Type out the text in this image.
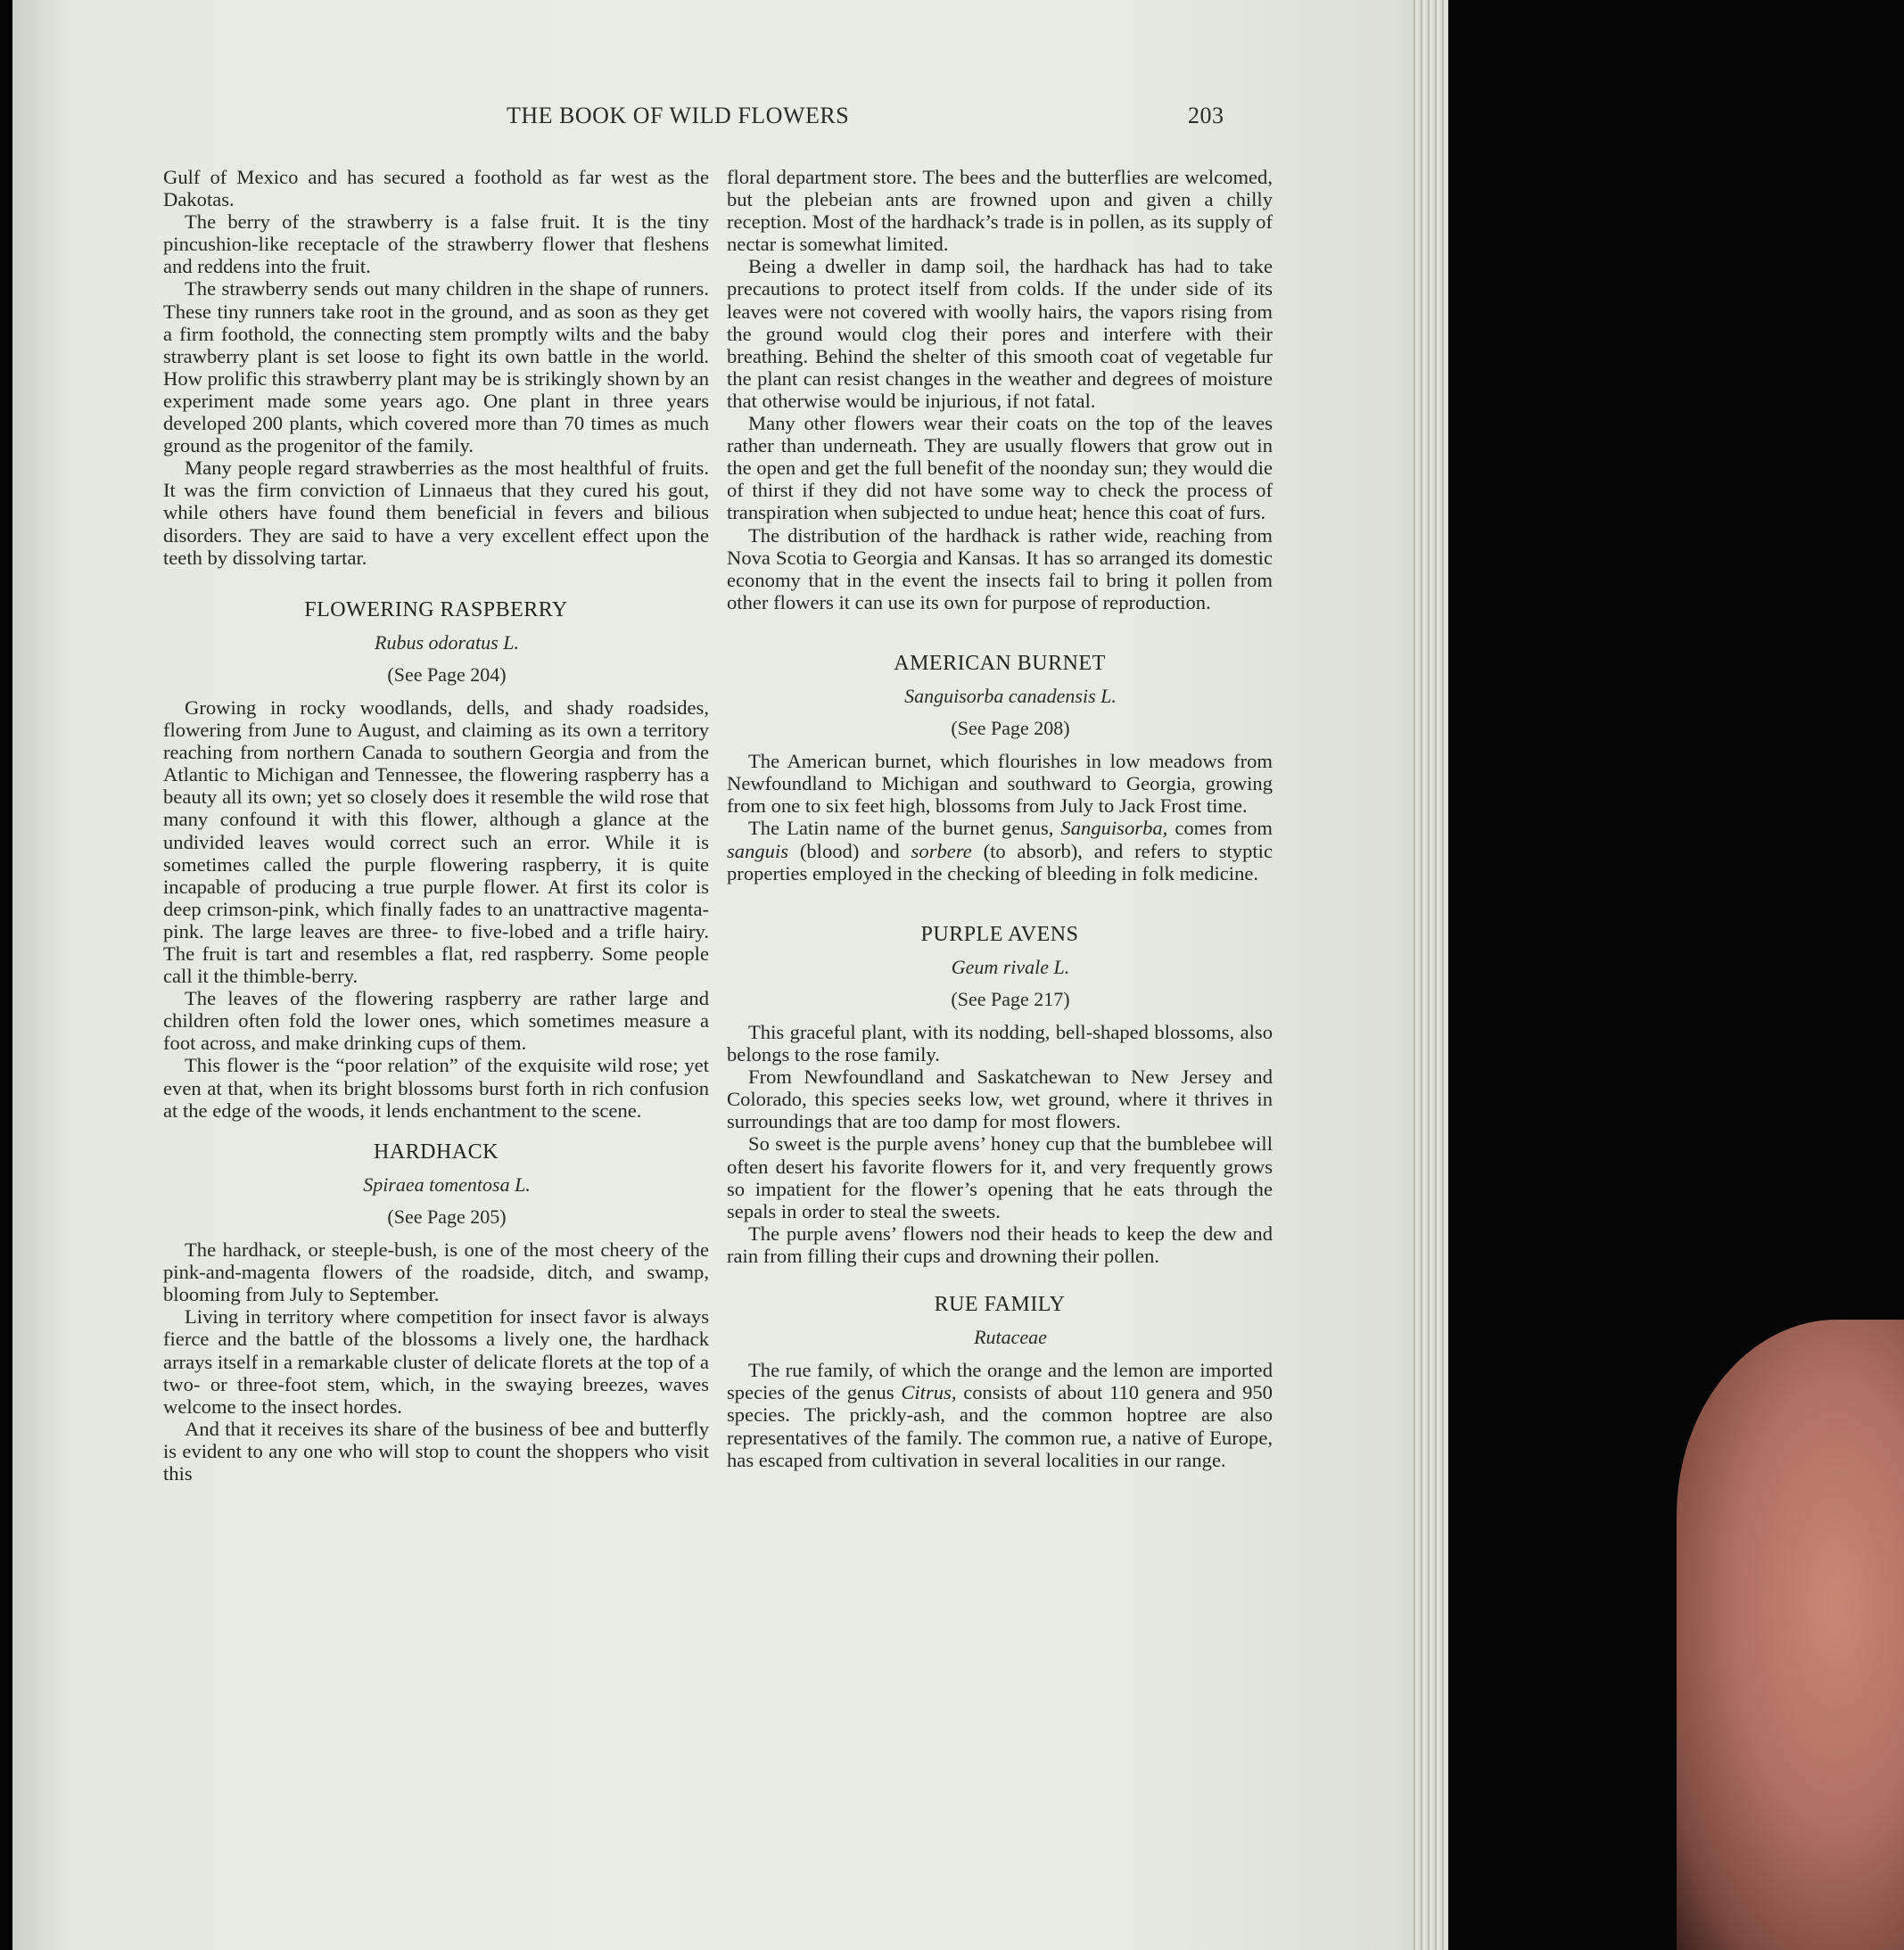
THE BOOK OF WILD FLOWERS	203

Gulf of Mexico and has secured a foothold as far west as the Dakotas.

The berry of the strawberry is a false fruit. It is the tiny pincushion-like receptacle of the strawberry flower that fleshens and reddens into the fruit.

The strawberry sends out many children in the shape of runners. These tiny runners take root in the ground, and as soon as they get a firm foothold, the connecting stem promptly wilts and the baby strawberry plant is set loose to fight its own battle in the world. How prolific this strawberry plant may be is strikingly shown by an experiment made some years ago. One plant in three years developed 200 plants, which covered more than 70 times as much ground as the progenitor of the family.

Many people regard strawberries as the most healthful of fruits. It was the firm conviction of Linnaeus that they cured his gout, while others have found them beneficial in fevers and bilious disorders. They are said to have a very excellent effect upon the teeth by dissolving tartar.

FLOWERING RASPBERRY

Rubus odoratus L.

(See Page 204)

Growing in rocky woodlands, dells, and shady roadsides, flowering from June to August, and claiming as its own a territory reaching from northern Canada to southern Georgia and from the Atlantic to Michigan and Tennessee, the flowering raspberry has a beauty all its own; yet so closely does it resemble the wild rose that many confound it with this flower, although a glance at the undivided leaves would correct such an error. While it is sometimes called the purple flowering raspberry, it is quite incapable of producing a true purple flower. At first its color is deep crimson-pink, which finally fades to an unattractive magenta-pink. The large leaves are three- to five-lobed and a trifle hairy. The fruit is tart and resembles a flat, red raspberry. Some people call it the thimble-berry.

The leaves of the flowering raspberry are rather large and children often fold the lower ones, which sometimes measure a foot across, and make drinking cups of them.

This flower is the “poor relation” of the exquisite wild rose; yet even at that, when its bright blossoms burst forth in rich confusion at the edge of the woods, it lends enchantment to the scene.

HARDHACK

Spiraea tomentosa L.

(See Page 205)

The hardhack, or steeple-bush, is one of the most cheery of the pink-and-magenta flowers of the roadside, ditch, and swamp, blooming from July to September.

Living in territory where competition for insect favor is always fierce and the battle of the blossoms a lively one, the hardhack arrays itself in a remarkable cluster of delicate florets at the top of a two- or three-foot stem, which, in the swaying breezes, waves welcome to the insect hordes.

And that it receives its share of the business of bee and butterfly is evident to any one who will stop to count the shoppers who visit this

floral department store. The bees and the butterflies are welcomed, but the plebeian ants are frowned upon and given a chilly reception. Most of the hardhack’s trade is in pollen, as its supply of nectar is somewhat limited.

Being a dweller in damp soil, the hardhack has had to take precautions to protect itself from colds. If the under side of its leaves were not covered with woolly hairs, the vapors rising from the ground would clog their pores and interfere with their breathing. Behind the shelter of this smooth coat of vegetable fur the plant can resist changes in the weather and degrees of moisture that otherwise would be injurious, if not fatal.

Many other flowers wear their coats on the top of the leaves rather than underneath. They are usually flowers that grow out in the open and get the full benefit of the noonday sun; they would die of thirst if they did not have some way to check the process of transpiration when subjected to undue heat; hence this coat of furs.

The distribution of the hardhack is rather wide, reaching from Nova Scotia to Georgia and Kansas. It has so arranged its domestic economy that in the event the insects fail to bring it pollen from other flowers it can use its own for purpose of reproduction.

AMERICAN BURNET

Sanguisorba canadensis L.

(See Page 208)

The American burnet, which flourishes in low meadows from Newfoundland to Michigan and southward to Georgia, growing from one to six feet high, blossoms from July to Jack Frost time.

The Latin name of the burnet genus, Sanguisorba, comes from sanguis (blood) and sorbere (to absorb), and refers to styptic properties employed in the checking of bleeding in folk medicine.

PURPLE AVENS

Geum rivale L.

(See Page 217)

This graceful plant, with its nodding, bell-shaped blossoms, also belongs to the rose family.

From Newfoundland and Saskatchewan to New Jersey and Colorado, this species seeks low, wet ground, where it thrives in surroundings that are too damp for most flowers.

So sweet is the purple avens’ honey cup that the bumblebee will often desert his favorite flowers for it, and very frequently grows so impatient for the flower’s opening that he eats through the sepals in order to steal the sweets.

The purple avens’ flowers nod their heads to keep the dew and rain from filling their cups and drowning their pollen.

RUE FAMILY

Rutaceae

The rue family, of which the orange and the lemon are imported species of the genus Citrus, consists of about 110 genera and 950 species. The prickly-ash, and the common hoptree are also representatives of the family. The common rue, a native of Europe, has escaped from cultivation in several localities in our range.
